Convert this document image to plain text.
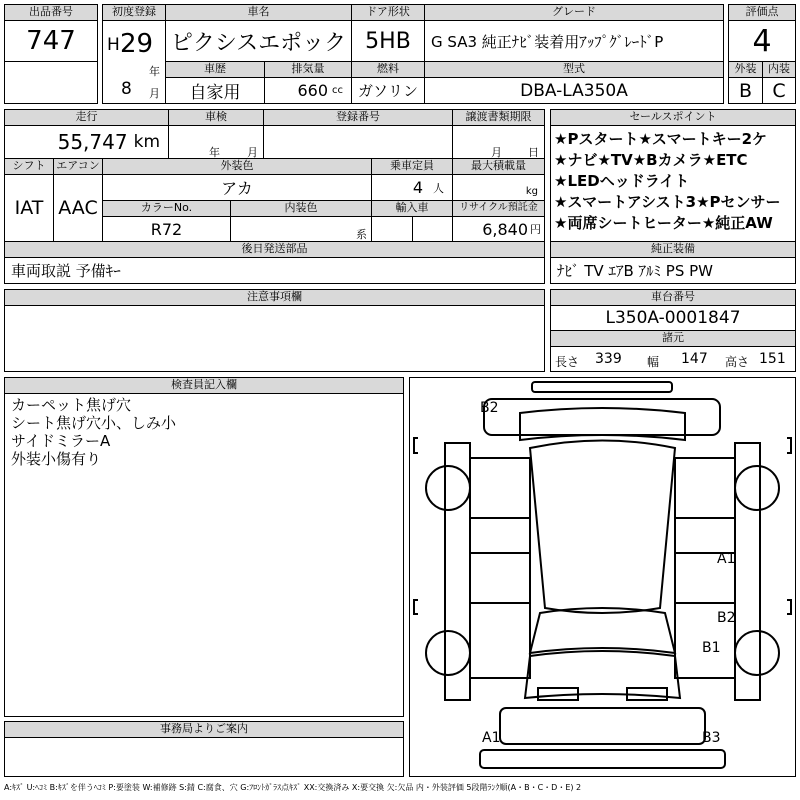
出品番号
747
初度登録
H 29
年
8 月
車名
ピクシスエポック
ドア形状
5HB
グレード
G SA3 純正ﾅﾋﾞ装着用ｱｯﾌﾟｸﾞﾚｰﾄﾞP
評価点
4
車歴
自家用
排気量
660 cc
燃料
ガソリン
型式
DBA-LA350A
外装	内装
B	C
走行
55,747 km
車検
年 月
登録番号	譲渡書類期限
月 日
セールスポイント
★Pスタート★スマートキー2ケ
★ナビ★TV★Bカメラ★ETC
★LEDヘッドライト
★スマートアシスト3★Pセンサー
★両席シートヒーター★純正AW
シフト
IAT
エアコン
AAC
外装色
アカ
乗車定員
4 人
最大積載量
kg
カラーNo.
R72
内装色
系
輸入車	リサイクル預託金
6,840 円
後日発送部品
車両取説 予備ｷｰ
純正装備
ﾅﾋﾞ TV ｴｱB ｱﾙﾐ PS PW
注意事項欄	車台番号
L350A-0001847
諸元
長さ 339 幅 147 高さ 151
検査員記入欄
カーペット焦げ穴
シート焦げ穴小、しみ小
サイドミラーA
外装小傷有り
事務局よりご案内
B2
A1
B2
B1
A1	B3
A:ｷｽﾞ U:ﾍｺﾐ B:ｷｽﾞを伴うﾍｺﾐ P:要塗装 W:補修跡 S:錆 C:腐食、穴 G:ﾌﾛﾝﾄｶﾞﾗｽ点ｷｽﾞ XX:交換済み X:要交換 欠:欠品 内・外装評価 5段階ﾗﾝｸ順(A・B・C・D・E) 2
